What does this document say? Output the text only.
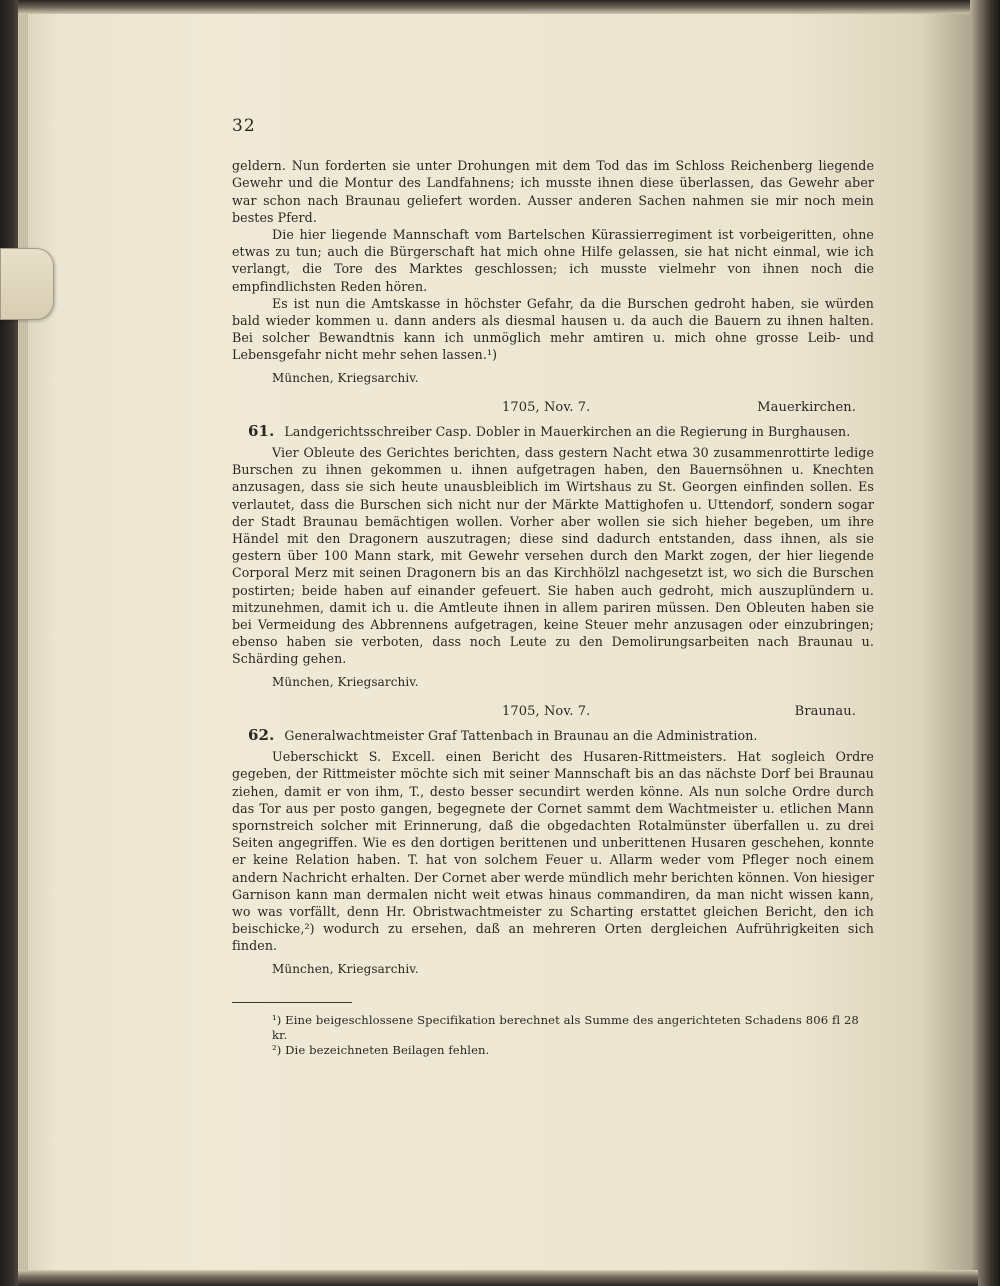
32

geldern. Nun forderten sie unter Drohungen mit dem Tod das im Schloss Reichenberg liegende Gewehr und die Montur des Landfahnens; ich musste ihnen diese überlassen, das Gewehr aber war schon nach Braunau geliefert worden. Ausser anderen Sachen nahmen sie mir noch mein bestes Pferd.

Die hier liegende Mannschaft vom Bartelschen Kürassierregiment ist vorbeigeritten, ohne etwas zu tun; auch die Bürgerschaft hat mich ohne Hilfe gelassen, sie hat nicht einmal, wie ich verlangt, die Tore des Marktes geschlossen; ich musste vielmehr von ihnen noch die empfindlichsten Reden hören.

Es ist nun die Amtskasse in höchster Gefahr, da die Burschen gedroht haben, sie würden bald wieder kommen u. dann anders als diesmal hausen u. da auch die Bauern zu ihnen halten. Bei solcher Bewandtnis kann ich unmöglich mehr amtiren u. mich ohne grosse Leib- und Lebensgefahr nicht mehr sehen lassen.¹)

München, Kriegsarchiv.
1705, Nov. 7.	Mauerkirchen.

61. Landgerichtsschreiber Casp. Dobler in Mauerkirchen an die Regierung in Burghausen.

Vier Obleute des Gerichtes berichten, dass gestern Nacht etwa 30 zusammenrottirte ledige Burschen zu ihnen gekommen u. ihnen aufgetragen haben, den Bauernsöhnen u. Knechten anzusagen, dass sie sich heute unausbleiblich im Wirtshaus zu St. Georgen einfinden sollen. Es verlautet, dass die Burschen sich nicht nur der Märkte Mattighofen u. Uttendorf, sondern sogar der Stadt Braunau bemächtigen wollen. Vorher aber wollen sie sich hieher begeben, um ihre Händel mit den Dragonern auszutragen; diese sind dadurch entstanden, dass ihnen, als sie gestern über 100 Mann stark, mit Gewehr versehen durch den Markt zogen, der hier liegende Corporal Merz mit seinen Dragonern bis an das Kirchhölzl nachgesetzt ist, wo sich die Burschen postirten; beide haben auf einander gefeuert. Sie haben auch gedroht, mich auszuplündern u. mitzunehmen, damit ich u. die Amtleute ihnen in allem pariren müssen. Den Obleuten haben sie bei Vermeidung des Abbrennens aufgetragen, keine Steuer mehr anzusagen oder einzubringen; ebenso haben sie verboten, dass noch Leute zu den Demolirungsarbeiten nach Braunau u. Schärding gehen.

München, Kriegsarchiv.
1705, Nov. 7.	Braunau.

62. Generalwachtmeister Graf Tattenbach in Braunau an die Administration.

Ueberschickt S. Excell. einen Bericht des Husaren-Rittmeisters. Hat sogleich Ordre gegeben, der Rittmeister möchte sich mit seiner Mannschaft bis an das nächste Dorf bei Braunau ziehen, damit er von ihm, T., desto besser secundirt werden könne. Als nun solche Ordre durch das Tor aus per posto gangen, begegnete der Cornet sammt dem Wachtmeister u. etlichen Mann spornstreich solcher mit Erinnerung, daß die obgedachten Rotalmünster überfallen u. zu drei Seiten angegriffen. Wie es den dortigen berittenen und unberittenen Husaren geschehen, konnte er keine Relation haben. T. hat von solchem Feuer u. Allarm weder vom Pfleger noch einem andern Nachricht erhalten. Der Cornet aber werde mündlich mehr berichten können. Von hiesiger Garnison kann man dermalen nicht weit etwas hinaus commandiren, da man nicht wissen kann, wo was vorfällt, denn Hr. Obristwachtmeister zu Scharting erstattet gleichen Bericht, den ich beischicke,²) wodurch zu ersehen, daß an mehreren Orten dergleichen Aufrührigkeiten sich finden.

München, Kriegsarchiv.
¹) Eine beigeschlossene Specifikation berechnet als Summe des angerichteten Schadens 806 fl 28 kr.
²) Die bezeichneten Beilagen fehlen.
